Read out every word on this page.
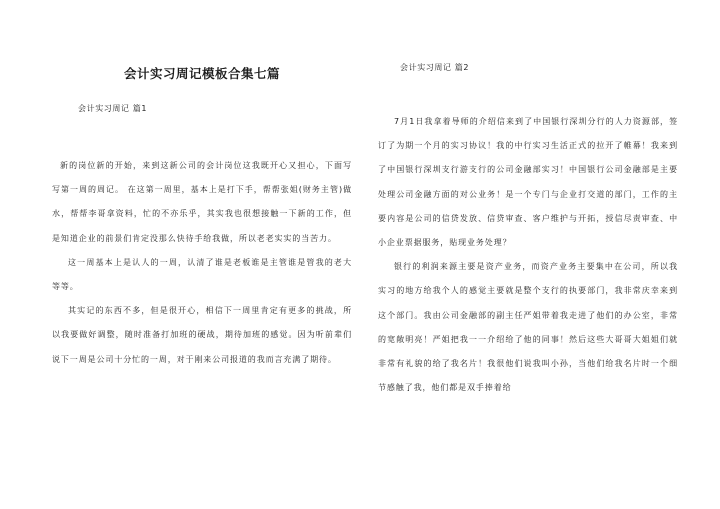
会计实习周记模板合集七篇
会计实习周记 篇1

新的岗位新的开始，来到这新公司的会计岗位这我既开心又担心，下面写写第一周的周记。 在这第一周里，基本上是打下手，帮帮张姐(财务主管)做水，帮帮李哥拿资料，忙的不亦乐乎，其实我也很想接触一下新的工作，但是知道企业的前景们肯定没那么快待手给我做，所以老老实实的当苦力。

这一周基本上是认人的一周，认清了谁是老板谁是主管谁是管我的老大等等。

其实记的东西不多，但是很开心，相信下一周里肯定有更多的挑战，所以我要做好调整，随时准备打加班的硬战，期待加班的感觉。因为听前辈们说下一周是公司十分忙的一周，对于刚来公司报道的我而言充满了期待。

会计实习周记 篇2

7月1日我拿着导师的介绍信来到了中国银行深圳分行的人力资源部，签订了为期一个月的实习协议！我的中行实习生活正式的拉开了帷幕！我来到了中国银行深圳支行游支行的公司金融部实习！中国银行公司金融部是主要处理公司金融方面的对公业务！是一个专门与企业打交道的部门，工作的主要内容是公司的信贷发放、信贷审查、客户维护与开拓，授信尽责审查、中小企业票据服务，贴现业务处理？

银行的利润来源主要是资产业务，而资产业务主要集中在公司，所以我实习的地方给我个人的感觉主要就是整个支行的执要部门，我非常庆幸来到这个部门。我由公司金融部的副主任严姐带着我走进了他们的办公室，非常的宽敞明亮！严姐把我一一介绍给了他的同事！然后这些大哥哥大姐姐们就非常有礼貌的给了我名片！我很他们说我叫小孙，当他们给我名片时一个细节感触了我，他们都是双手捧着给
